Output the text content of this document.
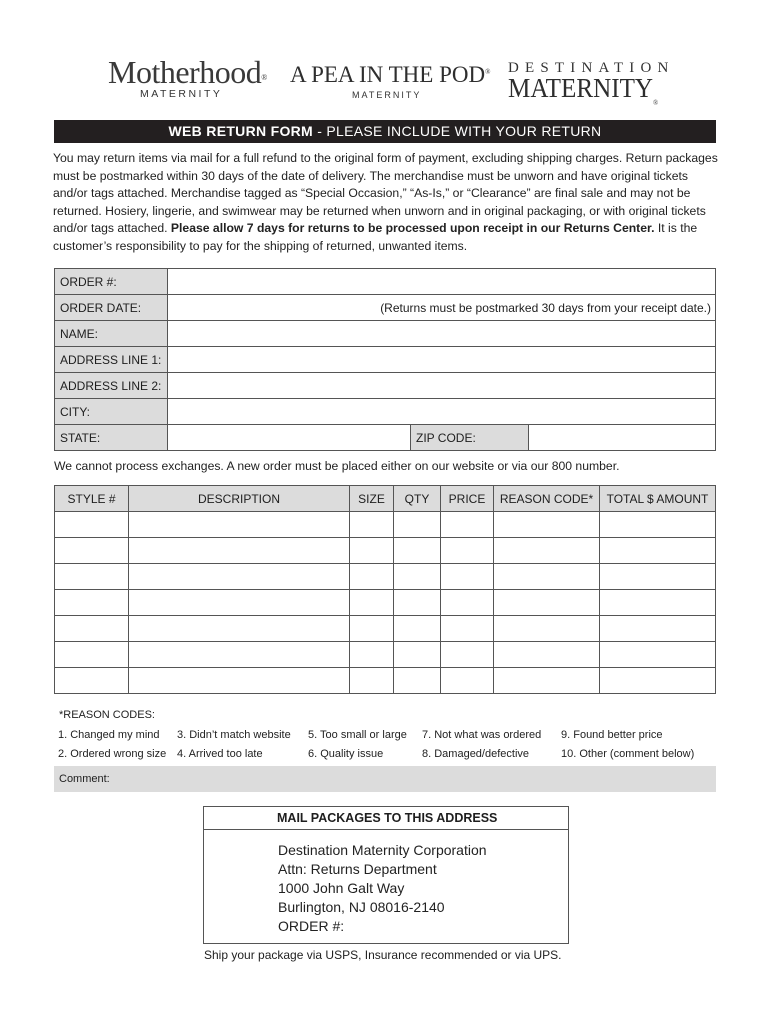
Motherhood®
MATERNITY
A PEA IN THE POD®
MATERNITY
DESTINATION
MATERNITY®
WEB RETURN FORM - PLEASE INCLUDE WITH YOUR RETURN
You may return items via mail for a full refund to the original form of payment, excluding shipping charges. Return packages must be postmarked within 30 days of the date of delivery. The merchandise must be unworn and have original tickets and/or tags attached. Merchandise tagged as “Special Occasion,” “As-Is,” or “Clearance” are final sale and may not be returned. Hosiery, lingerie, and swimwear may be returned when unworn and in original packaging, or with original tickets and/or tags attached. Please allow 7 days for returns to be processed upon receipt in our Returns Center. It is the customer’s responsibility to pay for the shipping of returned, unwanted items.
ORDER #:			
ORDER DATE:	(Returns must be postmarked 30 days from your receipt date.)		
NAME:			
ADDRESS LINE 1:			
ADDRESS LINE 2:			
CITY:			
STATE:		ZIP CODE:	
We cannot process exchanges. A new order must be placed either on our website or via our 800 number.
STYLE #	DESCRIPTION	SIZE	QTY	PRICE	REASON CODE*	TOTAL $ AMOUNT

*REASON CODES:
1. Changed my mind 3. Didn’t match website 5. Too small or large 7. Not what was ordered 9. Found better price
2. Ordered wrong size 4. Arrived too late	6. Quality issue	8. Damaged/defective	10. Other (comment below)
Comment:
MAIL PACKAGES TO THIS ADDRESS
Destination Maternity Corporation
Attn: Returns Department
1000 John Galt Way
Burlington, NJ 08016-2140
ORDER #:
Ship your package via USPS, Insurance recommended or via UPS.
